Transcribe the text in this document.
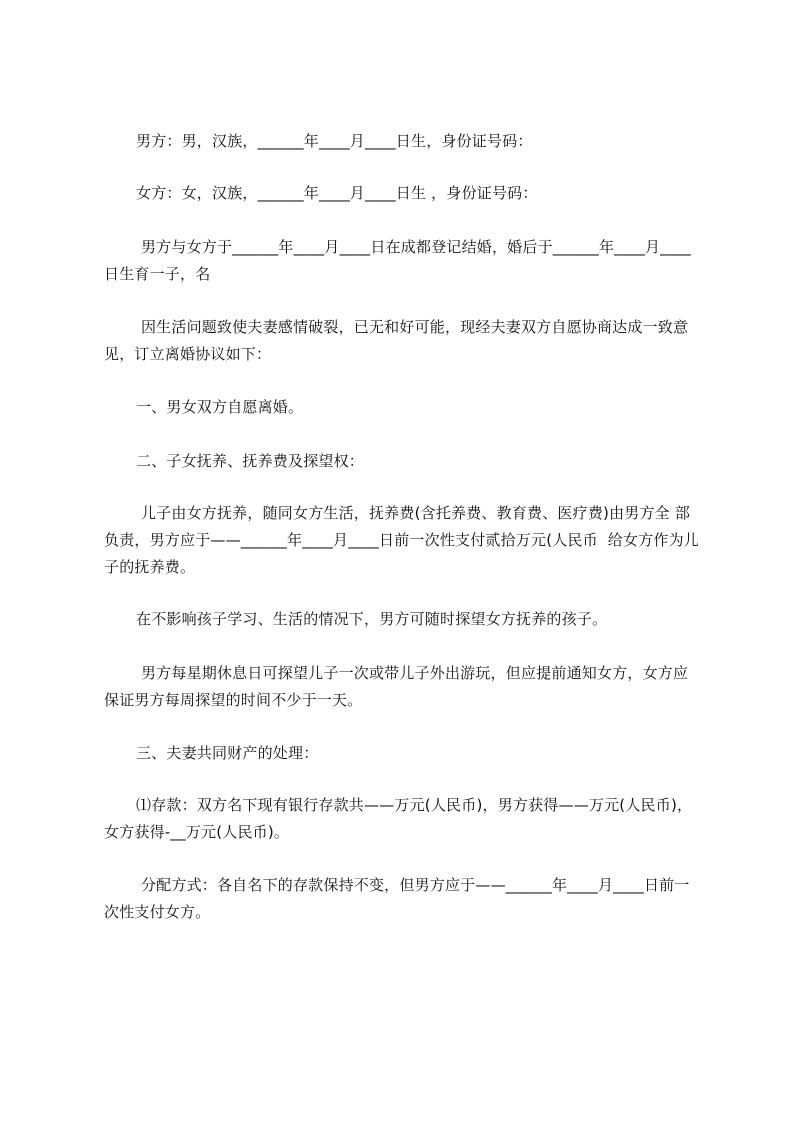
男方：男，汉族，______年____月____日生，身份证号码：

女方：女，汉族，______年____月____日生 ，身份证号码：

男方与女方于______年____月____日在成都登记结婚，婚后于______年____月____日生育一子，名

因生活问题致使夫妻感情破裂，已无和好可能，现经夫妻双方自愿协商达成一致意见，订立离婚协议如下：

一、男女双方自愿离婚。

二、子女抚养、抚养费及探望权：

儿子由女方抚养，随同女方生活，抚养费(含托养费、教育费、医疗费)由男方全 部负责，男方应于——______年____月____日前一次性支付贰拾万元(人民币  给女方作为儿子的抚养费。

在不影响孩子学习、生活的情况下，男方可随时探望女方抚养的孩子。

男方每星期休息日可探望儿子一次或带儿子外出游玩，但应提前通知女方，女方应保证男方每周探望的时间不少于一天。

三、夫妻共同财产的处理：

⑴存款：双方名下现有银行存款共——万元(人民币)，男方获得——万元(人民币)，女方获得-__万元(人民币)。

分配方式：各自名下的存款保持不变，但男方应于——______年____月____日前一次性支付女方。
